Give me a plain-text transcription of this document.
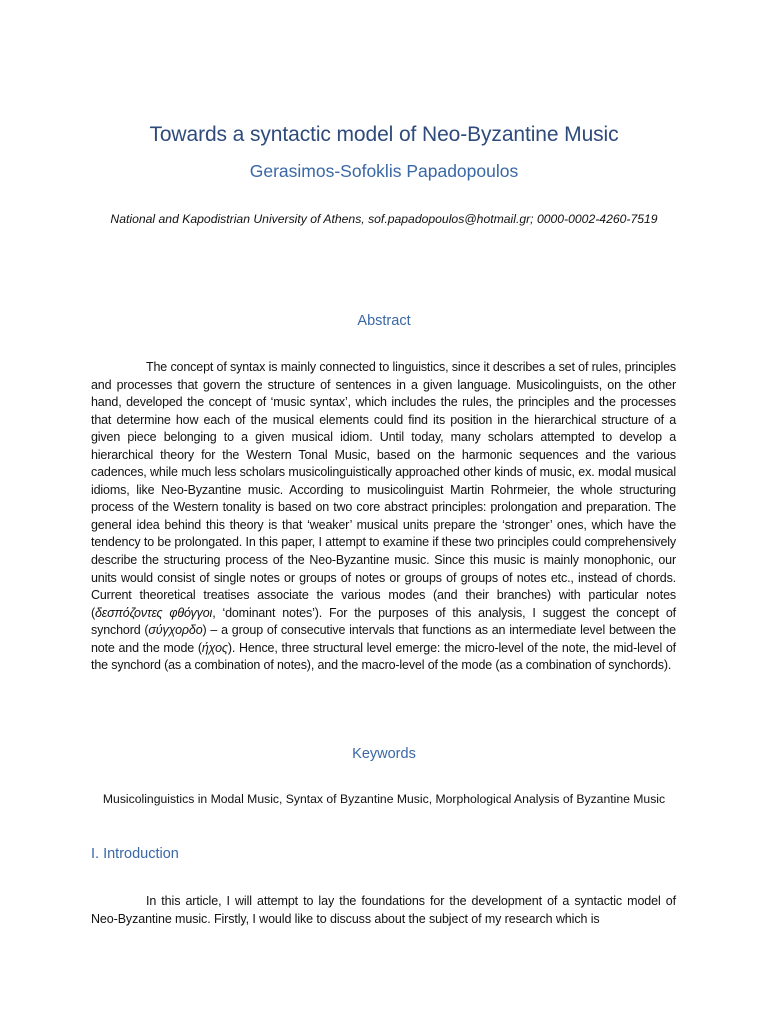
Towards a syntactic model of Neo-Byzantine Music
Gerasimos-Sofoklis Papadopoulos
National and Kapodistrian University of Athens, sof.papadopoulos@hotmail.gr; 0000-0002-4260-7519
Abstract

The concept of syntax is mainly connected to linguistics, since it describes a set of rules, principles and processes that govern the structure of sentences in a given language. Musicolinguists, on the other hand, developed the concept of ‘music syntax’, which includes the rules, the principles and the processes that determine how each of the musical elements could find its position in the hierarchical structure of a given piece belonging to a given musical idiom. Until today, many scholars attempted to develop a hierarchical theory for the Western Tonal Music, based on the harmonic sequences and the various cadences, while much less scholars musicolinguistically approached other kinds of music, ex. modal musical idioms, like Neo-Byzantine music. According to musicolinguist Martin Rohrmeier, the whole structuring process of the Western tonality is based on two core abstract principles: prolongation and preparation. The general idea behind this theory is that ‘weaker’ musical units prepare the ‘stronger’ ones, which have the tendency to be prolongated. In this paper, I attempt to examine if these two principles could comprehensively describe the structuring process of the Neo-Byzantine music. Since this music is mainly monophonic, our units would consist of single notes or groups of notes or groups of groups of notes etc., instead of chords. Current theoretical treatises associate the various modes (and their branches) with particular notes (δεσπόζοντες φθόγγοι, ‘dominant notes’). For the purposes of this analysis, I suggest the concept of synchord (σύγχορδο) – a group of consecutive intervals that functions as an intermediate level between the note and the mode (ήχος). Hence, three structural level emerge: the micro-level of the note, the mid-level of the synchord (as a combination of notes), and the macro-level of the mode (as a combination of synchords).

Keywords
Musicolinguistics in Modal Music, Syntax of Byzantine Music, Morphological Analysis of Byzantine Music
I. Introduction

In this article, I will attempt to lay the foundations for the development of a syntactic model of Neo-Byzantine music. Firstly, I would like to discuss about the subject of my research which is
